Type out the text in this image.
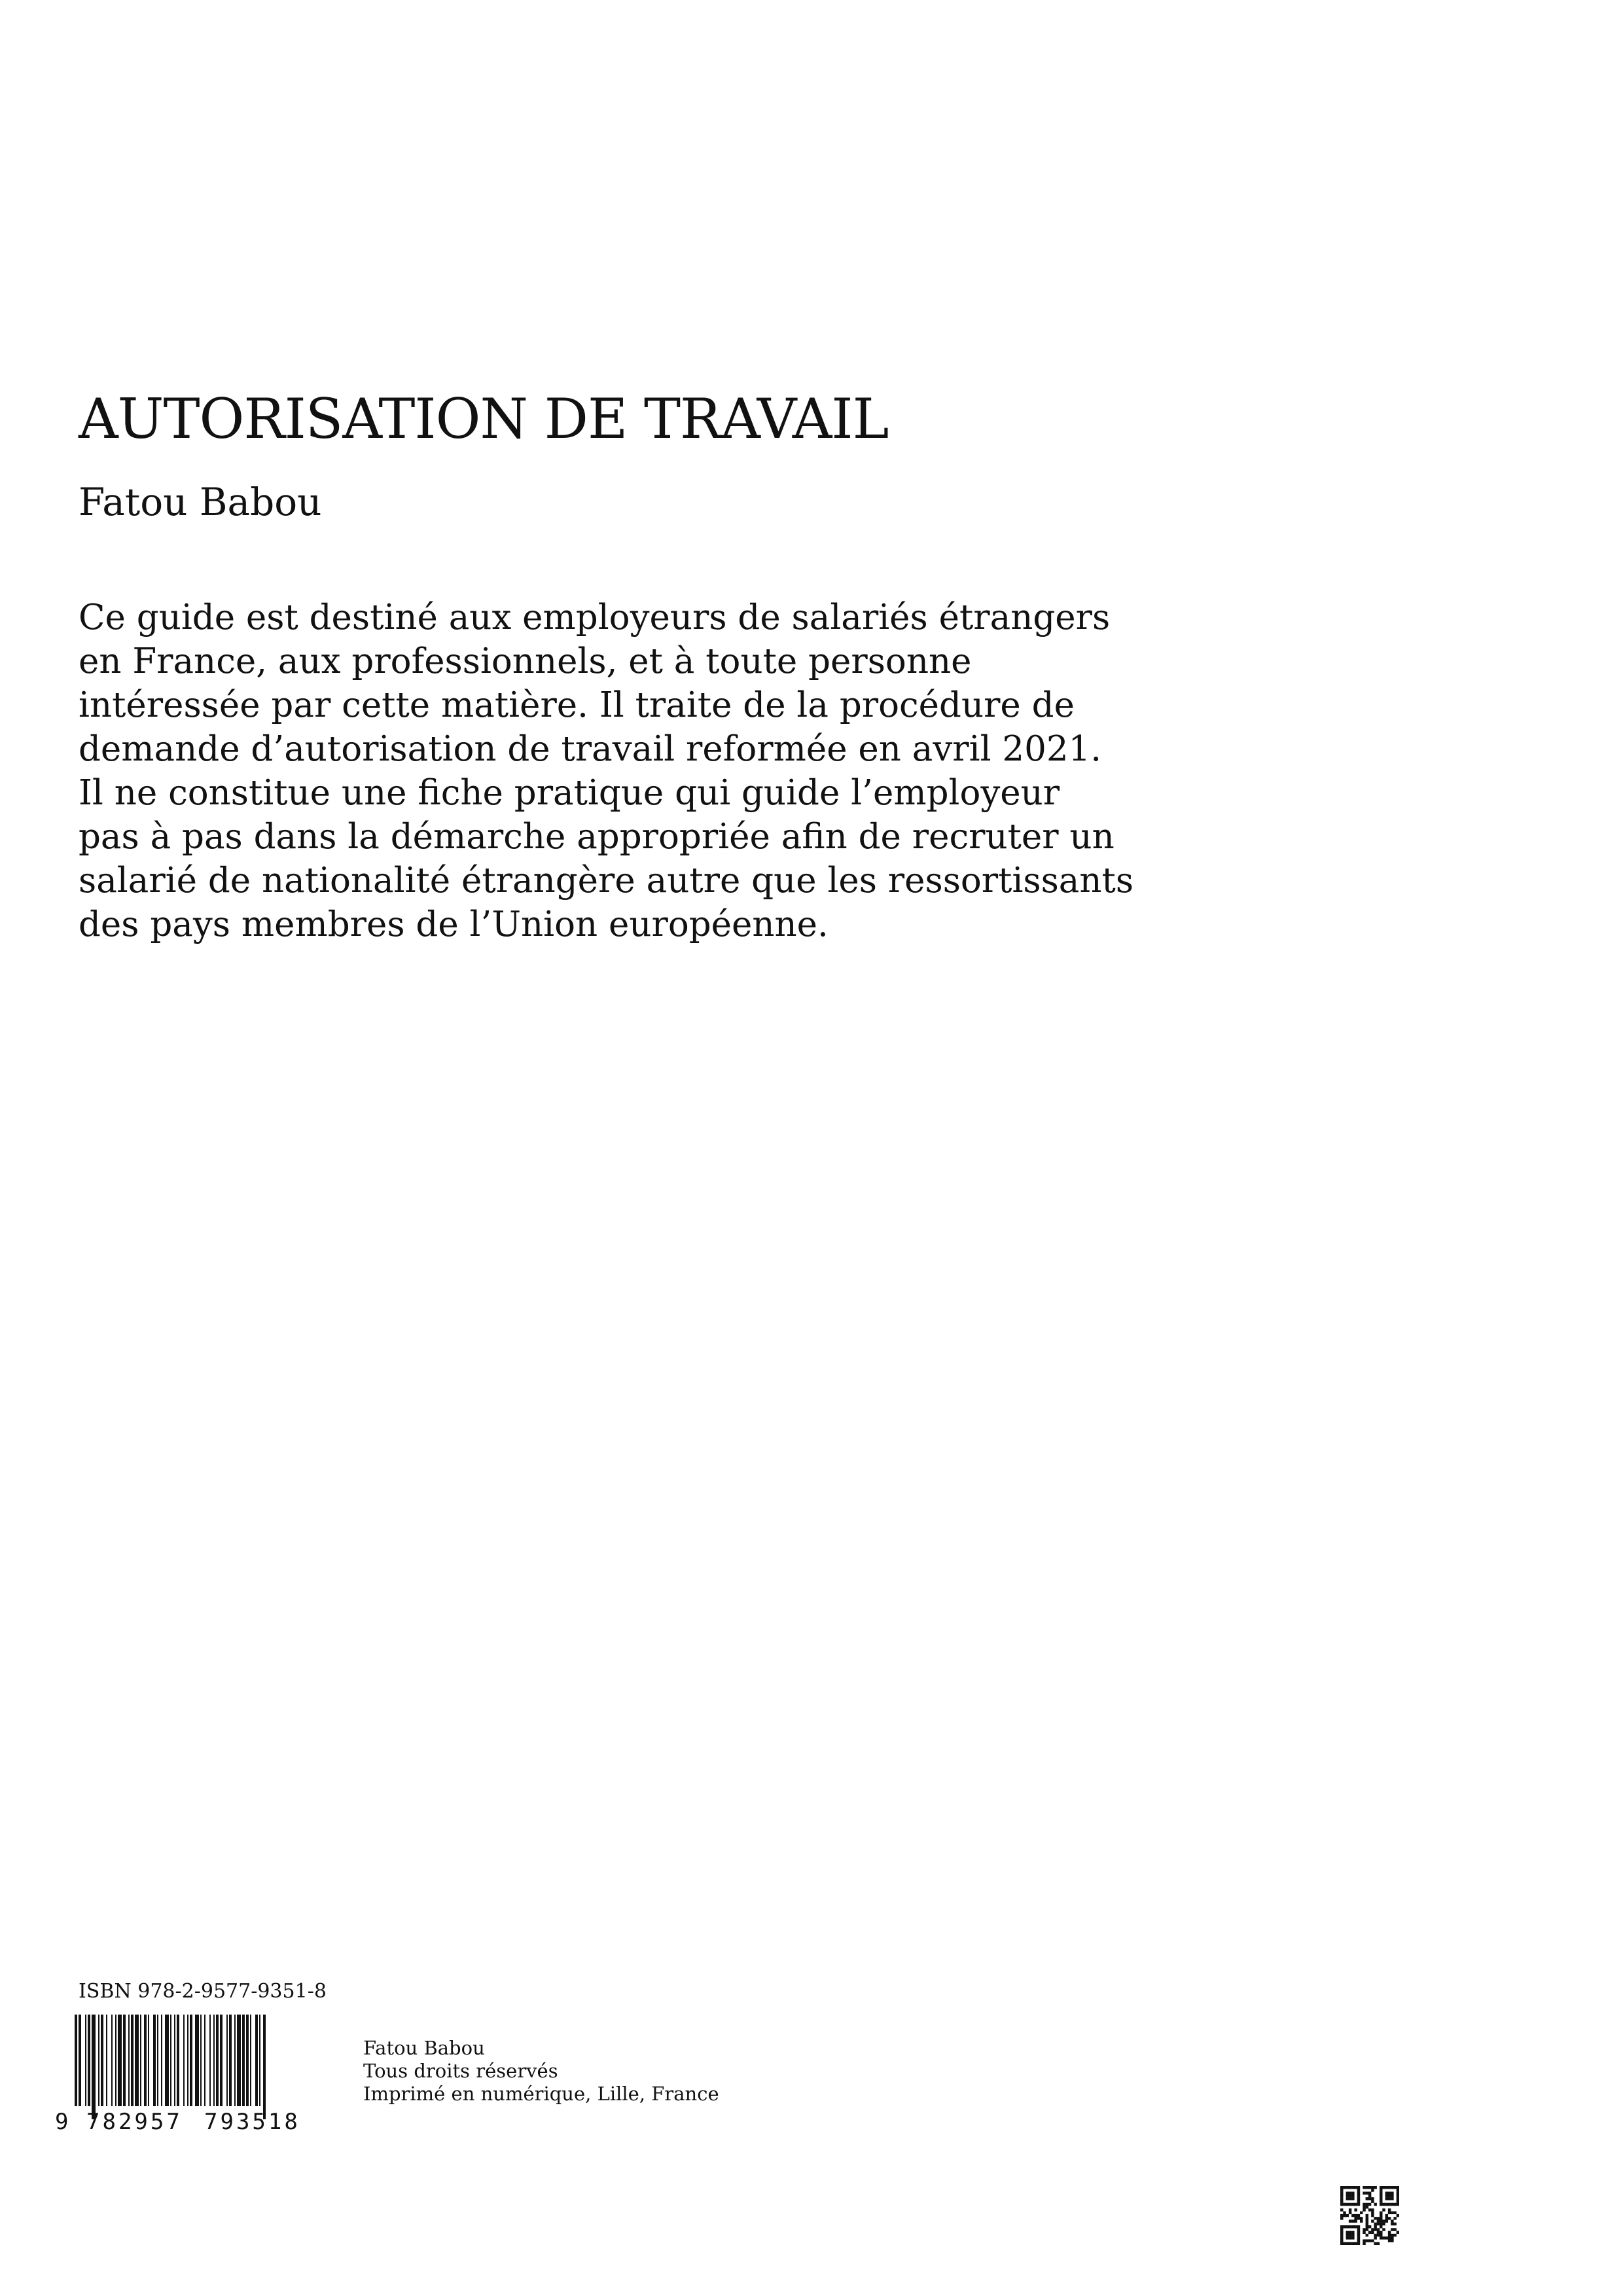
AUTORISATION DE TRAVAIL
Fatou Babou
Ce guide est destiné aux employeurs de salariés étrangers
en France, aux professionnels, et à toute personne
intéressée par cette matière. Il traite de la procédure de
demande d’autorisation de travail reformée en avril 2021.
Il ne constitue une fiche pratique qui guide l’employeur
pas à pas dans la démarche appropriée afin de recruter un
salarié de nationalité étrangère autre que les ressortissants
des pays membres de l’Union européenne.
ISBN 978-2-9577-9351-8
9 782957 793518
Fatou Babou
Tous droits réservés
Imprimé en numérique, Lille, France
